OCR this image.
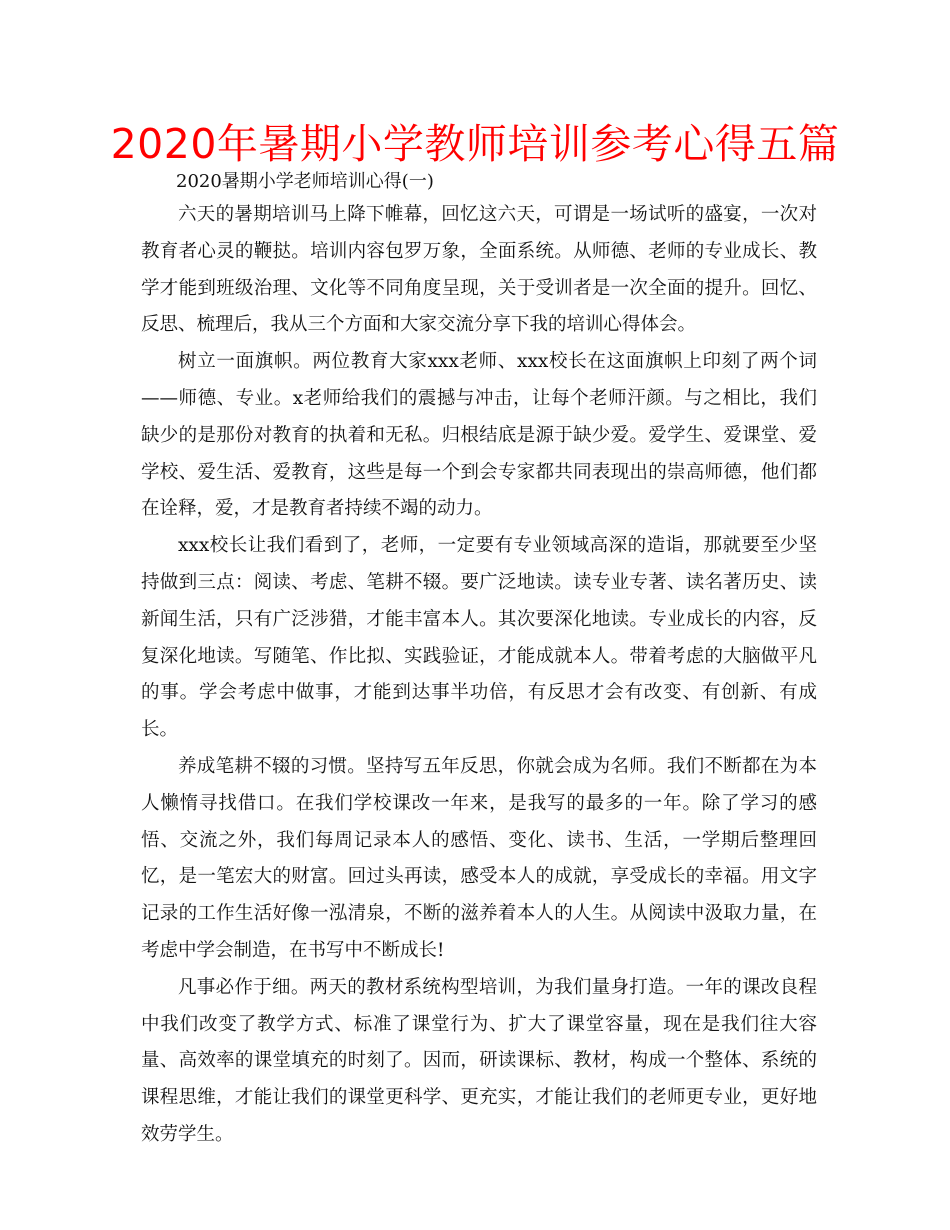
2020年暑期小学教师培训参考心得五篇
2020暑期小学老师培训心得(一)

六天的暑期培训马上降下帷幕，回忆这六天，可谓是一场试听的盛宴，一次对教育者心灵的鞭挞。培训内容包罗万象，全面系统。从师德、老师的专业成长、教学才能到班级治理、文化等不同角度呈现，关于受训者是一次全面的提升。回忆、反思、梳理后，我从三个方面和大家交流分享下我的培训心得体会。

树立一面旗帜。两位教育大家xxx老师、xxx校长在这面旗帜上印刻了两个词——师德、专业。x老师给我们的震撼与冲击，让每个老师汗颜。与之相比，我们缺少的是那份对教育的执着和无私。归根结底是源于缺少爱。爱学生、爱课堂、爱学校、爱生活、爱教育，这些是每一个到会专家都共同表现出的崇高师德，他们都在诠释，爱，才是教育者持续不竭的动力。

xxx校长让我们看到了，老师，一定要有专业领域高深的造诣，那就要至少坚持做到三点：阅读、考虑、笔耕不辍。要广泛地读。读专业专著、读名著历史、读新闻生活，只有广泛涉猎，才能丰富本人。其次要深化地读。专业成长的内容，反复深化地读。写随笔、作比拟、实践验证，才能成就本人。带着考虑的大脑做平凡的事。学会考虑中做事，才能到达事半功倍，有反思才会有改变、有创新、有成长。

养成笔耕不辍的习惯。坚持写五年反思，你就会成为名师。我们不断都在为本人懒惰寻找借口。在我们学校课改一年来，是我写的最多的一年。除了学习的感悟、交流之外，我们每周记录本人的感悟、变化、读书、生活，一学期后整理回忆，是一笔宏大的财富。回过头再读，感受本人的成就，享受成长的幸福。用文字记录的工作生活好像一泓清泉，不断的滋养着本人的人生。从阅读中汲取力量，在考虑中学会制造，在书写中不断成长!

凡事必作于细。两天的教材系统构型培训，为我们量身打造。一年的课改良程中我们改变了教学方式、标准了课堂行为、扩大了课堂容量，现在是我们往大容量、高效率的课堂填充的时刻了。因而，研读课标、教材，构成一个整体、系统的课程思维，才能让我们的课堂更科学、更充实，才能让我们的老师更专业，更好地效劳学生。
